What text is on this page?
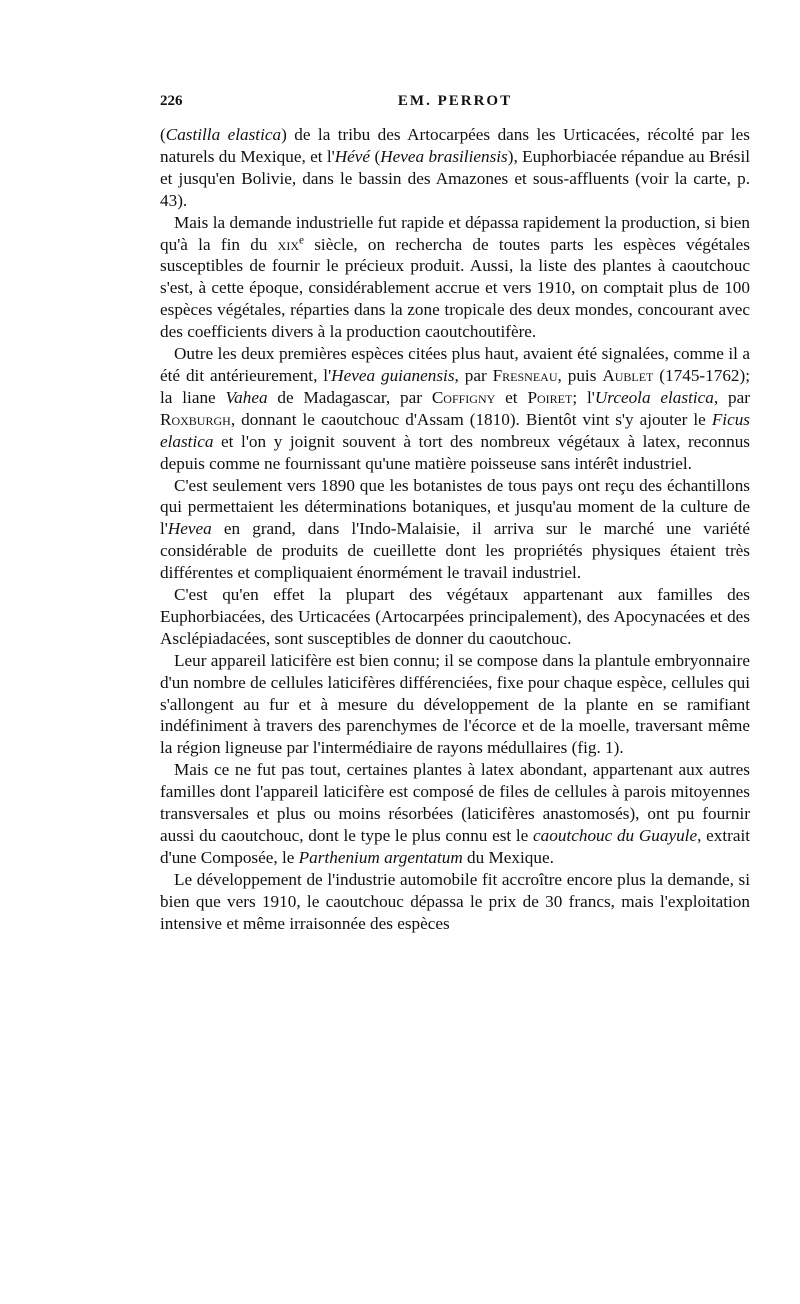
226	EM. PERROT

(Castilla elastica) de la tribu des Artocarpées dans les Urticacées, récolté par les naturels du Mexique, et l'Hévé (Hevea brasiliensis), Euphorbiacée répandue au Brésil et jusqu'en Bolivie, dans le bassin des Amazones et sous-affluents (voir la carte, p. 43).

Mais la demande industrielle fut rapide et dépassa rapidement la production, si bien qu'à la fin du xix$^e$ siècle, on rechercha de toutes parts les espèces végétales susceptibles de fournir le précieux produit. Aussi, la liste des plantes à caoutchouc s'est, à cette époque, considérablement accrue et vers 1910, on comptait plus de 100 espèces végétales, réparties dans la zone tropicale des deux mondes, concourant avec des coefficients divers à la production caoutchoutifère.

Outre les deux premières espèces citées plus haut, avaient été signalées, comme il a été dit antérieurement, l'Hevea guianensis, par Fresneau, puis Aublet (1745-1762); la liane Vahea de Madagascar, par Coffigny et Poiret; l'Urceola elastica, par Roxburgh, donnant le caoutchouc d'Assam (1810). Bientôt vint s'y ajouter le Ficus elastica et l'on y joignit souvent à tort des nombreux végétaux à latex, reconnus depuis comme ne fournissant qu'une matière poisseuse sans intérêt industriel.

C'est seulement vers 1890 que les botanistes de tous pays ont reçu des échantillons qui permettaient les déterminations botaniques, et jusqu'au moment de la culture de l'Hevea en grand, dans l'Indo-Malaisie, il arriva sur le marché une variété considérable de produits de cueillette dont les propriétés physiques étaient très différentes et compliquaient énormément le travail industriel.

C'est qu'en effet la plupart des végétaux appartenant aux familles des Euphorbiacées, des Urticacées (Artocarpées principalement), des Apocynacées et des Asclépiadacées, sont susceptibles de donner du caoutchouc.

Leur appareil laticifère est bien connu; il se compose dans la plantule embryonnaire d'un nombre de cellules laticifères différenciées, fixe pour chaque espèce, cellules qui s'allongent au fur et à mesure du développement de la plante en se ramifiant indéfiniment à travers des parenchymes de l'écorce et de la moelle, traversant même la région ligneuse par l'intermédiaire de rayons médullaires (fig. 1).

Mais ce ne fut pas tout, certaines plantes à latex abondant, appartenant aux autres familles dont l'appareil laticifère est composé de files de cellules à parois mitoyennes transversales et plus ou moins résorbées (laticifères anastomosés), ont pu fournir aussi du caoutchouc, dont le type le plus connu est le caoutchouc du Guayule, extrait d'une Composée, le Parthenium argentatum du Mexique.

Le développement de l'industrie automobile fit accroître encore plus la demande, si bien que vers 1910, le caoutchouc dépassa le prix de 30 francs, mais l'exploitation intensive et même irraisonnée des espèces
